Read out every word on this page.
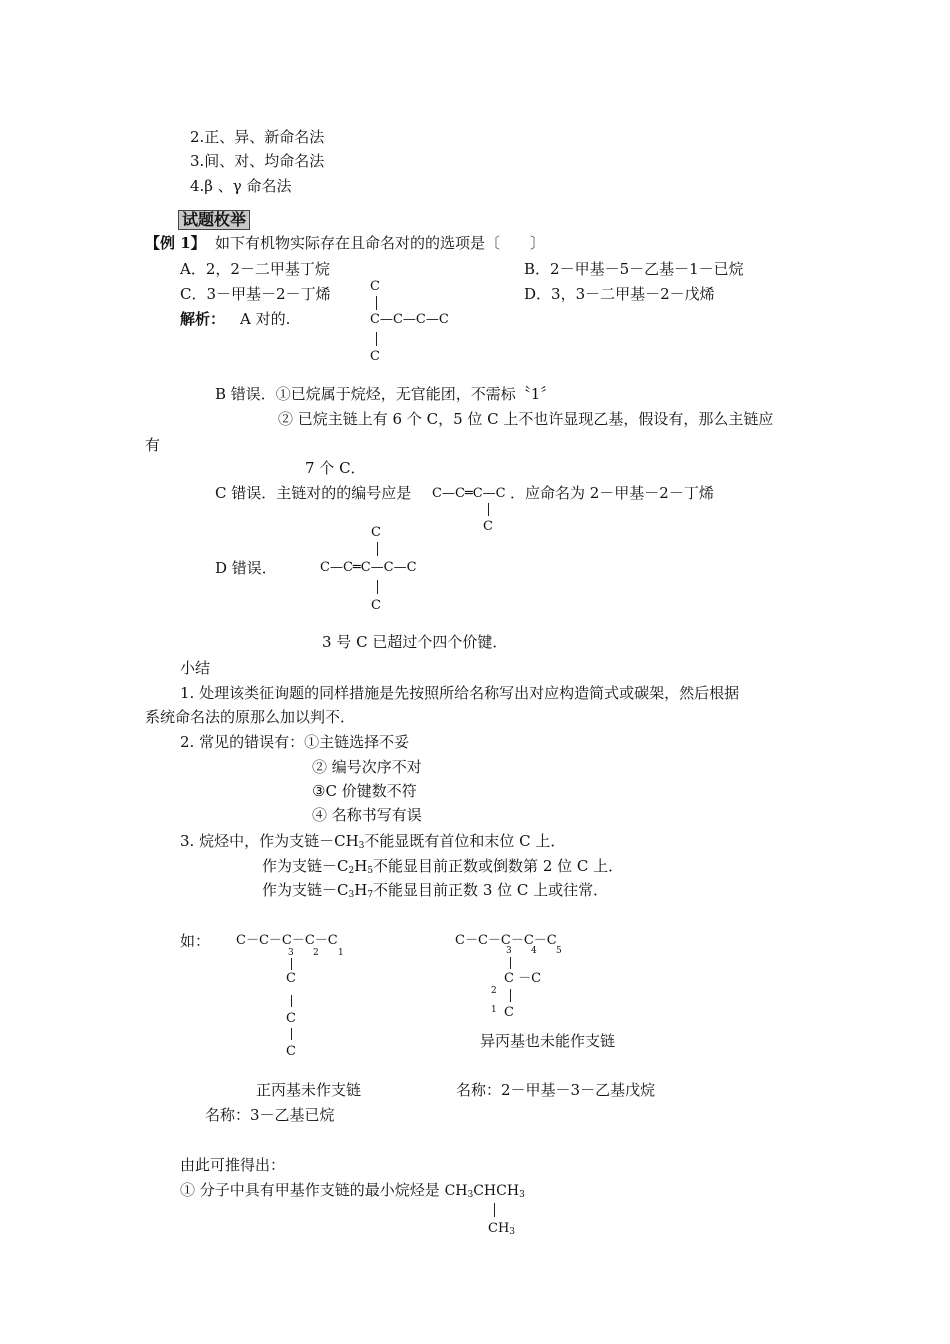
2.正、异、新命名法
3.间、对、均命名法
4.β 、γ 命名法
试题枚举
【例 1】 如下有机物实际存在且命名对的的选项是〔　　〕
A．2，2－二甲基丁烷	B．2－甲基－5－乙基－1－已烷
C．3－甲基－2－丁烯	D．3，3－二甲基－2－戊烯
解析： A 对的.
C
C—C—C—C
C
B 错误．①已烷属于烷烃，无官能团，不需标〝1〞
② 已烷主链上有 6 个 C，5 位 C 上不也许显现乙基，假设有，那么主链应
有
7 个 C．
C 错误．主链对的的编号应是 C—C═C—C ．应命名为 2－甲基－2－丁烯
C
D 错误．
C
C—C═C—C—C
C
3 号 C 已超过个四个价键．
小结
1. 处理该类征询题的同样措施是先按照所给名称写出对应构造简式或碳架，然后根据
系统命名法的原那么加以判不．
2. 常见的错误有：①主链选择不妥
② 编号次序不对
③C 价键数不符
④ 名称书写有误
3. 烷烃中，作为支链$-CH_3$不能显既有首位和末位 C 上．
作为支链$-C_2H_5$不能显目前正数或倒数第 2 位 C 上．
作为支链$-C_3H_7$不能显目前正数 3 位 C 上或往常．
如： C－C－C－C－C
3 2 1
C
C
C
C－C－C－C－C
3 4 5
C －C
2
1 C
异丙基也未能作支链
正丙基未作支链	名称：2－甲基－3－乙基戊烷
名称：3－乙基已烷
由此可推得出：
① 分子中具有甲基作支链的最小烷烃是 $CH_3CHCH_3$
$CH_3$
